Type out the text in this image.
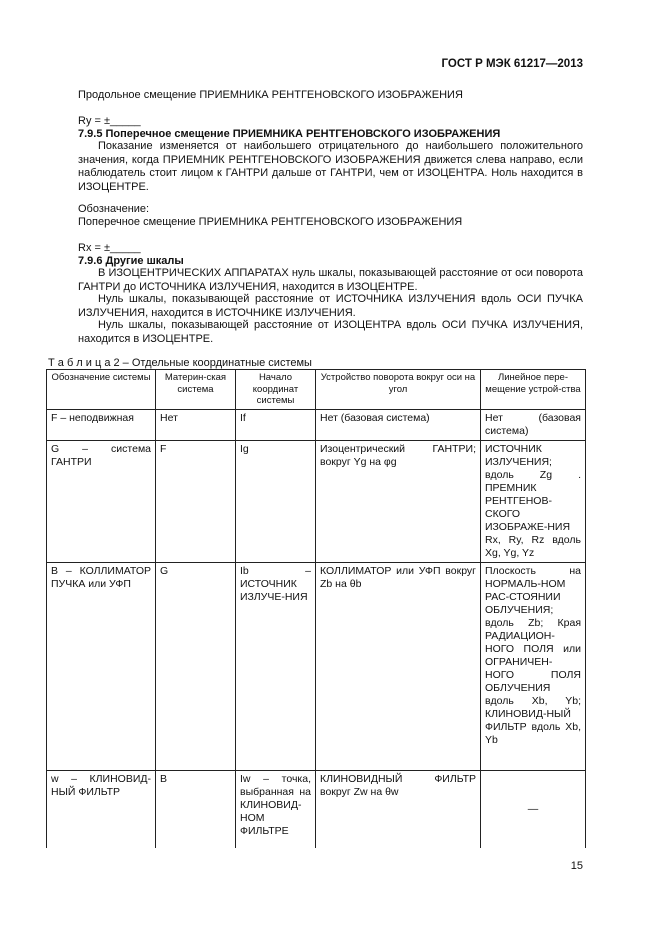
ГОСТ Р МЭК 61217—2013
Продольное смещение ПРИЕМНИКА РЕНТГЕНОВСКОГО ИЗОБРАЖЕНИЯ
Ry = ±_____
7.9.5 Поперечное смещение ПРИЕМНИКА РЕНТГЕНОВСКОГО ИЗОБРАЖЕНИЯ
Показание изменяется от наибольшего отрицательного до наибольшего положительного значения, когда ПРИЕМНИК РЕНТГЕНОВСКОГО ИЗОБРАЖЕНИЯ движется слева направо, если наблюдатель стоит лицом к ГАНТРИ дальше от ГАНТРИ, чем от ИЗОЦЕНТРА. Ноль находится в ИЗОЦЕНТРЕ.
Обозначение:
Поперечное смещение ПРИЕМНИКА РЕНТГЕНОВСКОГО ИЗОБРАЖЕНИЯ
Rx = ±_____
7.9.6 Другие шкалы
В ИЗОЦЕНТРИЧЕСКИХ АППАРАТАХ нуль шкалы, показывающей расстояние от оси поворота ГАНТРИ до ИСТОЧНИКА ИЗЛУЧЕНИЯ, находится в ИЗОЦЕНТРЕ.
Нуль шкалы, показывающей расстояние от ИСТОЧНИКА ИЗЛУЧЕНИЯ вдоль ОСИ ПУЧКА ИЗЛУЧЕНИЯ, находится в ИСТОЧНИКЕ ИЗЛУЧЕНИЯ.
Нуль шкалы, показывающей расстояние от ИЗОЦЕНТРА вдоль ОСИ ПУЧКА ИЗЛУЧЕНИЯ, находится в ИЗОЦЕНТРЕ.
Т а б л и ц а 2 – Отдельные координатные системы
Обозначение системы	Материн-ская система	Начало координат системы	Устройство поворота вокруг оси на угол	Линейное пере-мещение устрой-ства
F – неподвижная	Нет	If	Нет (базовая система)	Нет (базовая система)
G – система ГАНТРИ	F	Ig	Изоцентрический ГАНТРИ; вокруг Yg на φg	ИСТОЧНИК ИЗЛУЧЕНИЯ; вдоль Zg . ПРЕМНИК РЕНТГЕНОВ-СКОГО ИЗОБРАЖЕ-НИЯ Rx, Ry, Rz вдоль Xg, Yg, Yz
B – КОЛЛИМАТОР ПУЧКА или УФП	G	Ib – ИСТОЧНИК ИЗЛУЧЕ-НИЯ	КОЛЛИМАТОР или УФП вокруг Zb на θb	Плоскость на НОРМАЛЬ-НОМ РАС-СТОЯНИИ ОБЛУЧЕНИЯ; вдоль Zb; Края РАДИАЦИОН-НОГО ПОЛЯ или ОГРАНИЧЕН-НОГО ПОЛЯ ОБЛУЧЕНИЯ вдоль Xb, Yb; КЛИНОВИД-НЫЙ ФИЛЬТР вдоль Xb, Yb
w – КЛИНОВИД-НЫЙ ФИЛЬТР	B	Iw – точка, выбранная на КЛИНОВИД-НОМ ФИЛЬТРЕ	КЛИНОВИДНЫЙ ФИЛЬТР вокруг Zw на θw	—
15
